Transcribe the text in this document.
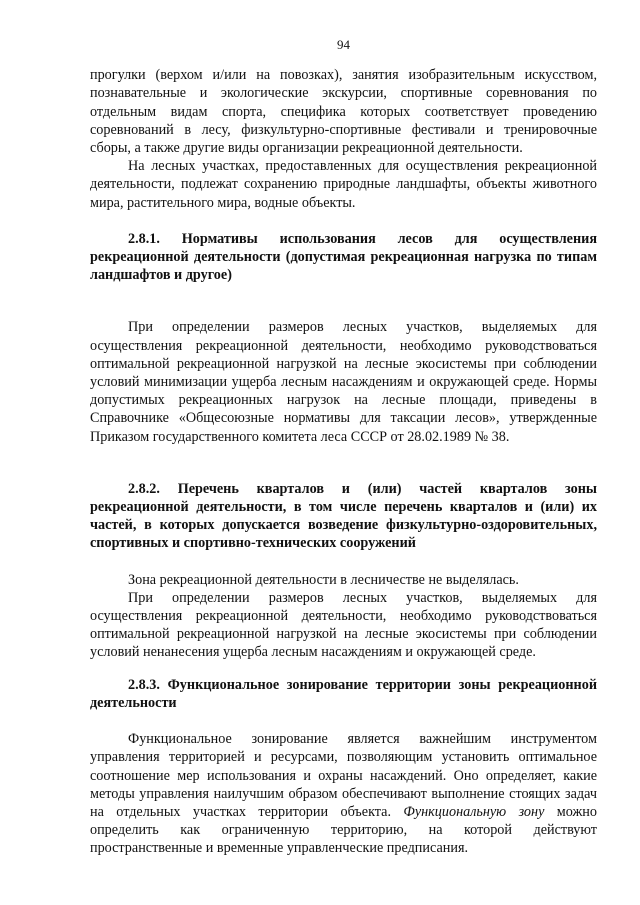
94

прогулки (верхом и/или на повозках), занятия изобразительным искусством, познавательные и экологические экскурсии, спортивные соревнования по отдельным видам спорта, специфика которых соответствует проведению соревнований в лесу, физкультурно-спортивные фестивали и тренировочные сборы, а также другие виды организации рекреационной деятельности.

На лесных участках, предоставленных для осуществления рекреационной деятельности, подлежат сохранению природные ландшафты, объекты животного мира, растительного мира, водные объекты.

2.8.1. Нормативы использования лесов для осуществления рекреационной деятельности (допустимая рекреационная нагрузка по типам ландшафтов и другое)

При определении размеров лесных участков, выделяемых для осуществления рекреационной деятельности, необходимо руководствоваться оптимальной рекреационной нагрузкой на лесные экосистемы при соблюдении условий минимизации ущерба лесным насаждениям и окружающей среде. Нормы допустимых рекреационных нагрузок на лесные площади, приведены в Справочнике «Общесоюзные нормативы для таксации лесов», утвержденные Приказом государственного комитета леса СССР от 28.02.1989 № 38.

2.8.2. Перечень кварталов и (или) частей кварталов зоны рекреационной деятельности, в том числе перечень кварталов и (или) их частей, в которых допускается возведение физкультурно-оздоровительных, спортивных и спортивно-технических сооружений

Зона рекреационной деятельности в лесничестве не выделялась.

При определении размеров лесных участков, выделяемых для осуществления рекреационной деятельности, необходимо руководствоваться оптимальной рекреационной нагрузкой на лесные экосистемы при соблюдении условий ненанесения ущерба лесным насаждениям и окружающей среде.

2.8.3. Функциональное зонирование территории зоны рекреационной деятельности

Функциональное зонирование является важнейшим инструментом управления территорией и ресурсами, позволяющим установить оптимальное соотношение мер использования и охраны насаждений. Оно определяет, какие методы управления наилучшим образом обеспечивают выполнение стоящих задач на отдельных участках территории объекта. Функциональную зону можно определить как ограниченную территорию, на которой действуют пространственные и временные управленческие предписания.
